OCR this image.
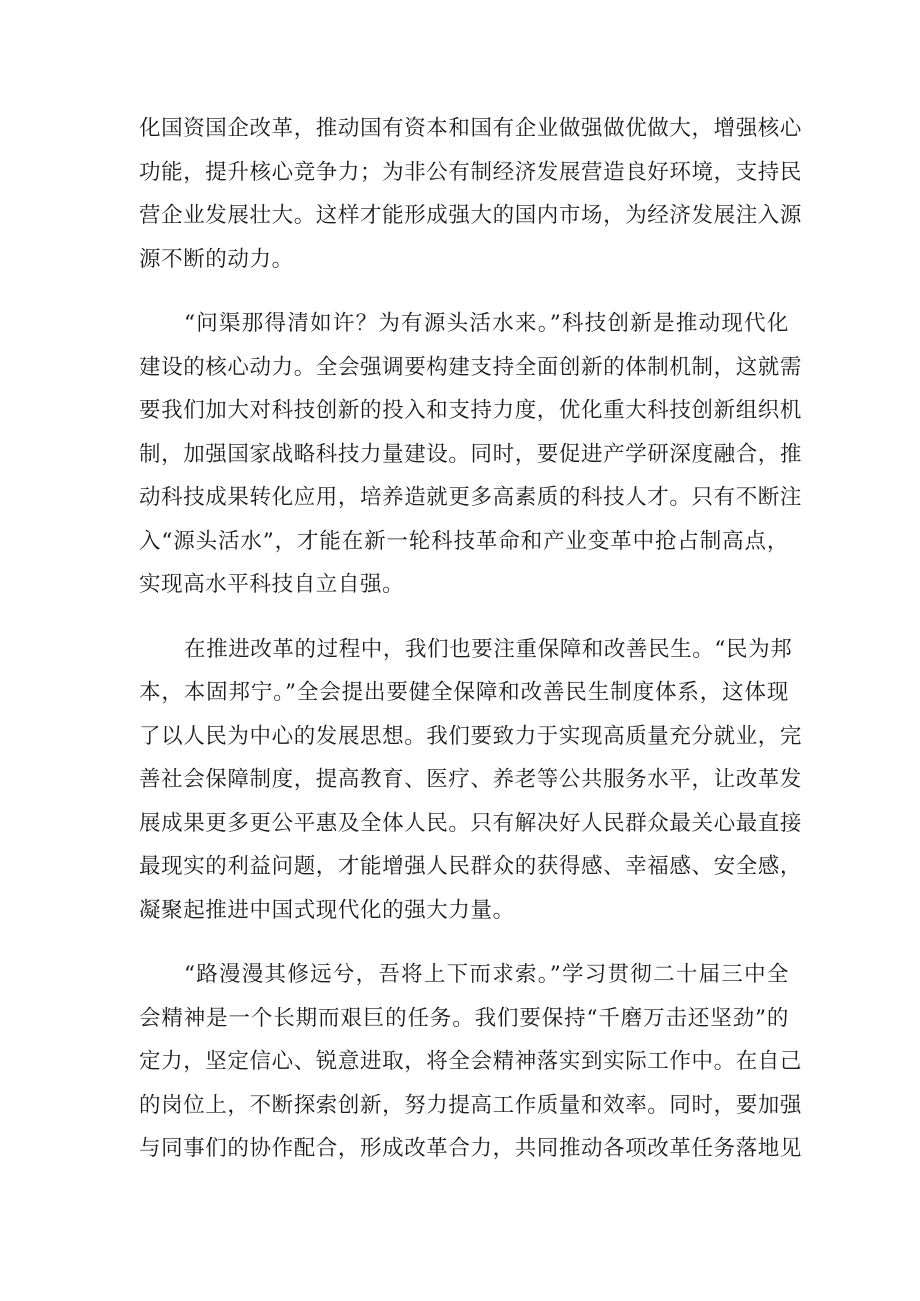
化国资国企改革，推动国有资本和国有企业做强做优做大，增强核心
功能，提升核心竞争力；为非公有制经济发展营造良好环境，支持民
营企业发展壮大。这样才能形成强大的国内市场，为经济发展注入源
源不断的动力。

“问渠那得清如许？为有源头活水来。”科技创新是推动现代化
建设的核心动力。全会强调要构建支持全面创新的体制机制，这就需
要我们加大对科技创新的投入和支持力度，优化重大科技创新组织机
制，加强国家战略科技力量建设。同时，要促进产学研深度融合，推
动科技成果转化应用，培养造就更多高素质的科技人才。只有不断注
入“源头活水”，才能在新一轮科技革命和产业变革中抢占制高点，
实现高水平科技自立自强。

在推进改革的过程中，我们也要注重保障和改善民生。“民为邦
本，本固邦宁。”全会提出要健全保障和改善民生制度体系，这体现
了以人民为中心的发展思想。我们要致力于实现高质量充分就业，完
善社会保障制度，提高教育、医疗、养老等公共服务水平，让改革发
展成果更多更公平惠及全体人民。只有解决好人民群众最关心最直接
最现实的利益问题，才能增强人民群众的获得感、幸福感、安全感，
凝聚起推进中国式现代化的强大力量。

“路漫漫其修远兮，吾将上下而求索。”学习贯彻二十届三中全
会精神是一个长期而艰巨的任务。我们要保持“千磨万击还坚劲”的
定力，坚定信心、锐意进取，将全会精神落实到实际工作中。在自己
的岗位上，不断探索创新，努力提高工作质量和效率。同时，要加强
与同事们的协作配合，形成改革合力，共同推动各项改革任务落地见
